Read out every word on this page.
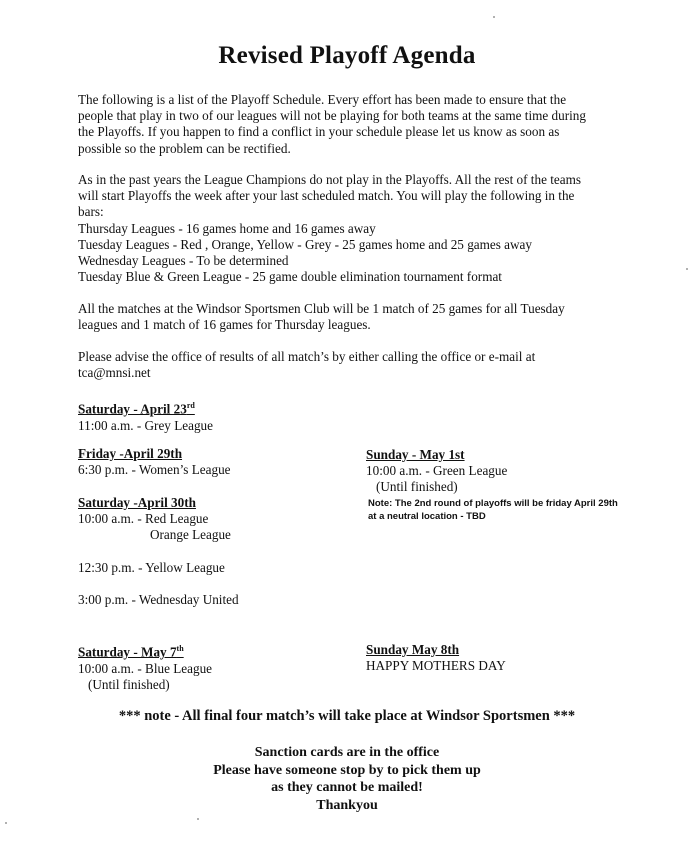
Revised Playoff Agenda
The following is a list of the Playoff Schedule. Every effort has been made to ensure that the
people that play in two of our leagues will not be playing for both teams at the same time during
the Playoffs. If you happen to find a conflict in your schedule please let us know as soon as
possible so the problem can be rectified.
As in the past years the League Champions do not play in the Playoffs. All the rest of the teams
will start Playoffs the week after your last scheduled match. You will play the following in the
bars:
Thursday Leagues - 16 games home and 16 games away
Tuesday Leagues - Red , Orange, Yellow - Grey - 25 games home and 25 games away
Wednesday Leagues - To be determined
Tuesday Blue & Green League - 25 game double elimination tournament format
All the matches at the Windsor Sportsmen Club will be 1 match of 25 games for all Tuesday
leagues and 1 match of 16 games for Thursday leagues.
Please advise the office of results of all match’s by either calling the office or e-mail at
tca@mnsi.net
Saturday - April 23rd
11:00 a.m. - Grey League
Friday -April 29th
6:30 p.m. - Women’s League
Saturday -April 30th
10:00 a.m. - Red League
Orange League
12:30 p.m. - Yellow League
3:00 p.m. - Wednesday United
Sunday - May 1st
10:00 a.m. - Green League
(Until finished)
Note: The 2nd round of playoffs will be friday April 29th
at a neutral location - TBD
Saturday - May 7th
10:00 a.m. - Blue League
(Until finished)
Sunday May 8th
HAPPY MOTHERS DAY
*** note - All final four match’s will take place at Windsor Sportsmen ***
Sanction cards are in the office
Please have someone stop by to pick them up
as they cannot be mailed!
Thankyou
